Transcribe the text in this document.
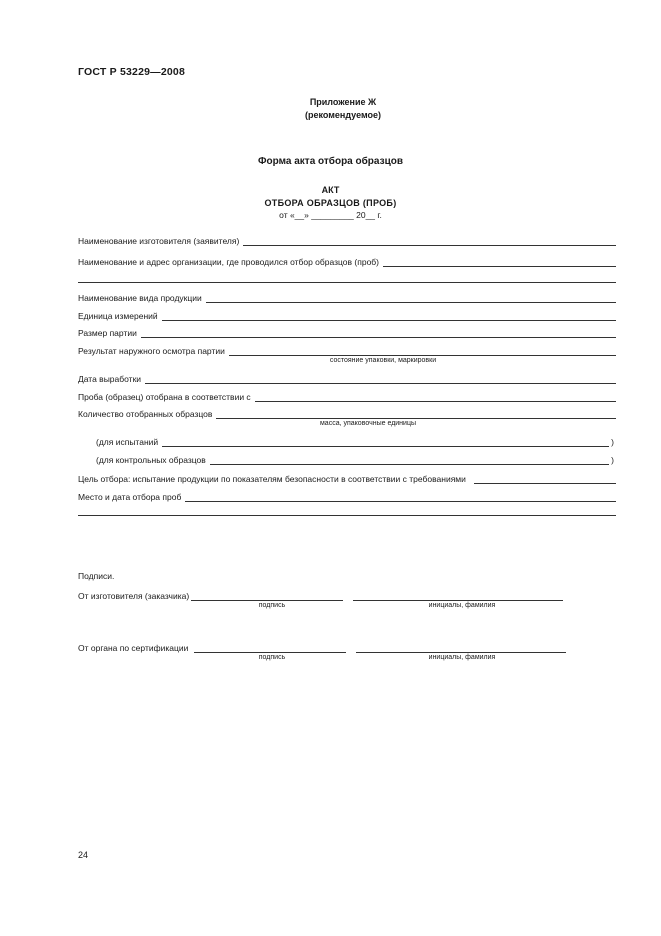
ГОСТ Р 53229—2008
Приложение Ж
(рекомендуемое)
Форма акта отбора образцов
АКТ
ОТБОРА ОБРАЗЦОВ (ПРОБ)
от «__» _________ 20__ г.
Наименование изготовителя (заявителя)
Наименование и адрес организации, где проводился отбор образцов (проб)
Наименование вида продукции
Единица измерений
Размер партии
Результат наружного осмотра партии
состояние упаковки, маркировки
Дата выработки
Проба (образец) отобрана в соответствии с
Количество отобранных образцов
масса, упаковочные единицы
(для испытаний	)
(для контрольных образцов	)
Цель отбора: испытание продукции по показателям безопасности в соответствии с требованиями
Место и дата отбора проб
Подписи.
От изготовителя (заказчика)
подпись	инициалы, фамилия
От органа по сертификации
подпись	инициалы, фамилия
24
